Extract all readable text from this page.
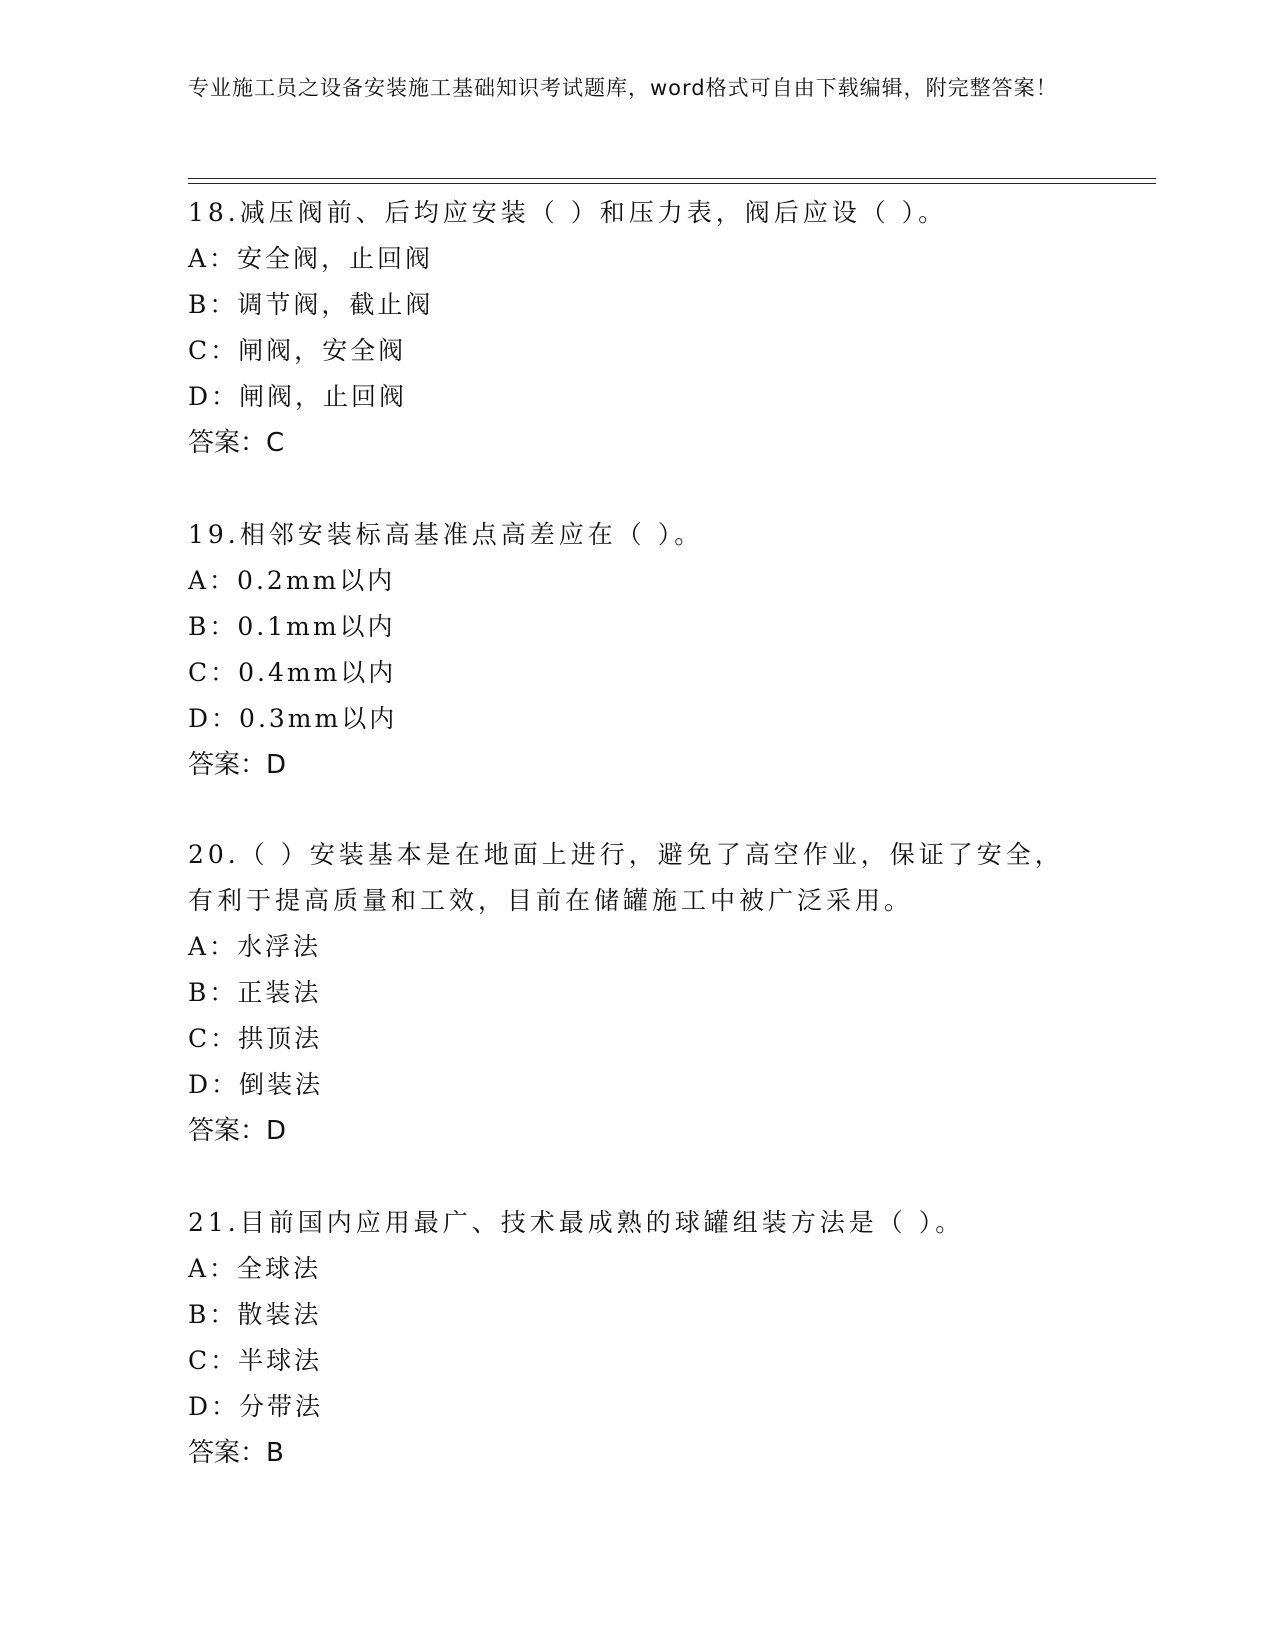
专业施工员之设备安装施工基础知识考试题库，word格式可自由下载编辑，附完整答案！

18.减压阀前、后均应安装（ ）和压力表，阀后应设（ ）。

A：安全阀，止回阀

B：调节阀，截止阀

C：闸阀，安全阀

D：闸阀，止回阀

答案：C

19.相邻安装标高基准点高差应在（ ）。

A：0.2mm以内

B：0.1mm以内

C：0.4mm以内

D：0.3mm以内

答案：D

20.（ ）安装基本是在地面上进行，避免了高空作业，保证了安全，有利于提高质量和工效，目前在储罐施工中被广泛采用。

A：水浮法

B：正装法

C：拱顶法

D：倒装法

答案：D

21.目前国内应用最广、技术最成熟的球罐组装方法是（ ）。

A：全球法

B：散装法

C：半球法

D：分带法

答案：B
